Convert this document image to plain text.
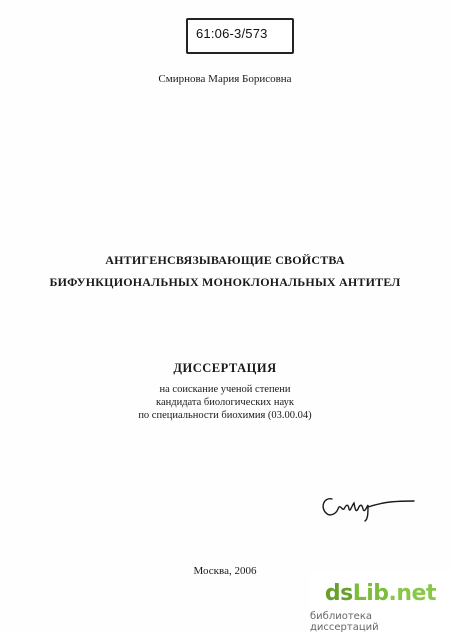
61:06-3/573
Смирнова Мария Борисовна
АНТИГЕНСВЯЗЫВАЮЩИЕ СВОЙСТВА
БИФУНКЦИОНАЛЬНЫХ МОНОКЛОНАЛЬНЫХ АНТИТЕЛ
ДИССЕРТАЦИЯ
на соискание ученой степени
кандидата биологических наук
по специальности биохимия (03.00.04)
Москва, 2006
dsLib.net
библиотека диссертаций
